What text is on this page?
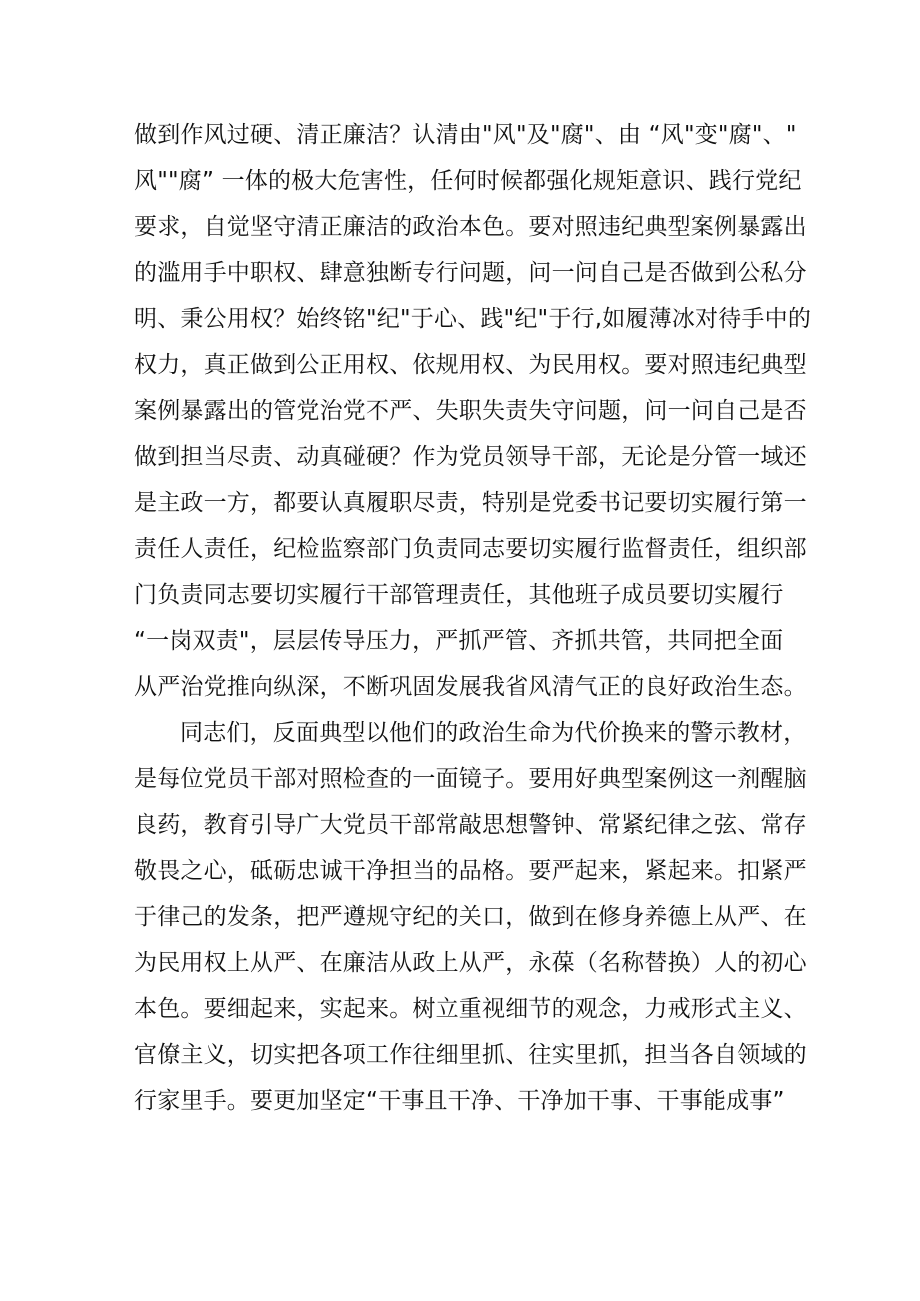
做到作风过硬、清正廉洁？认清由"风"及"腐"、由 “风"变"腐"、"
风""腐” 一体的极大危害性，任何时候都强化规矩意识、践行党纪
要求，自觉坚守清正廉洁的政治本色。要对照违纪典型案例暴露出
的滥用手中职权、肆意独断专行问题，问一问自己是否做到公私分
明、秉公用权？始终铭"纪"于心、践"纪"于行,如履薄冰对待手中的
权力，真正做到公正用权、依规用权、为民用权。要对照违纪典型
案例暴露出的管党治党不严、失职失责失守问题，问一问自己是否
做到担当尽责、动真碰硬？作为党员领导干部，无论是分管一域还
是主政一方，都要认真履职尽责，特别是党委书记要切实履行第一
责任人责任，纪检监察部门负责同志要切实履行监督责任，组织部
门负责同志要切实履行干部管理责任，其他班子成员要切实履行
“一岗双责"，层层传导压力，严抓严管、齐抓共管，共同把全面
从严治党推向纵深，不断巩固发展我省风清气正的良好政治生态。
同志们，反面典型以他们的政治生命为代价换来的警示教材，
是每位党员干部对照检查的一面镜子。要用好典型案例这一剂醒脑
良药，教育引导广大党员干部常敲思想警钟、常紧纪律之弦、常存
敬畏之心，砥砺忠诚干净担当的品格。要严起来，紧起来。扣紧严
于律己的发条，把严遵规守纪的关口，做到在修身养德上从严、在
为民用权上从严、在廉洁从政上从严，永葆（名称替换）人的初心
本色。要细起来，实起来。树立重视细节的观念，力戒形式主义、
官僚主义，切实把各项工作往细里抓、往实里抓，担当各自领域的
行家里手。要更加坚定“干事且干净、干净加干事、干事能成事”
